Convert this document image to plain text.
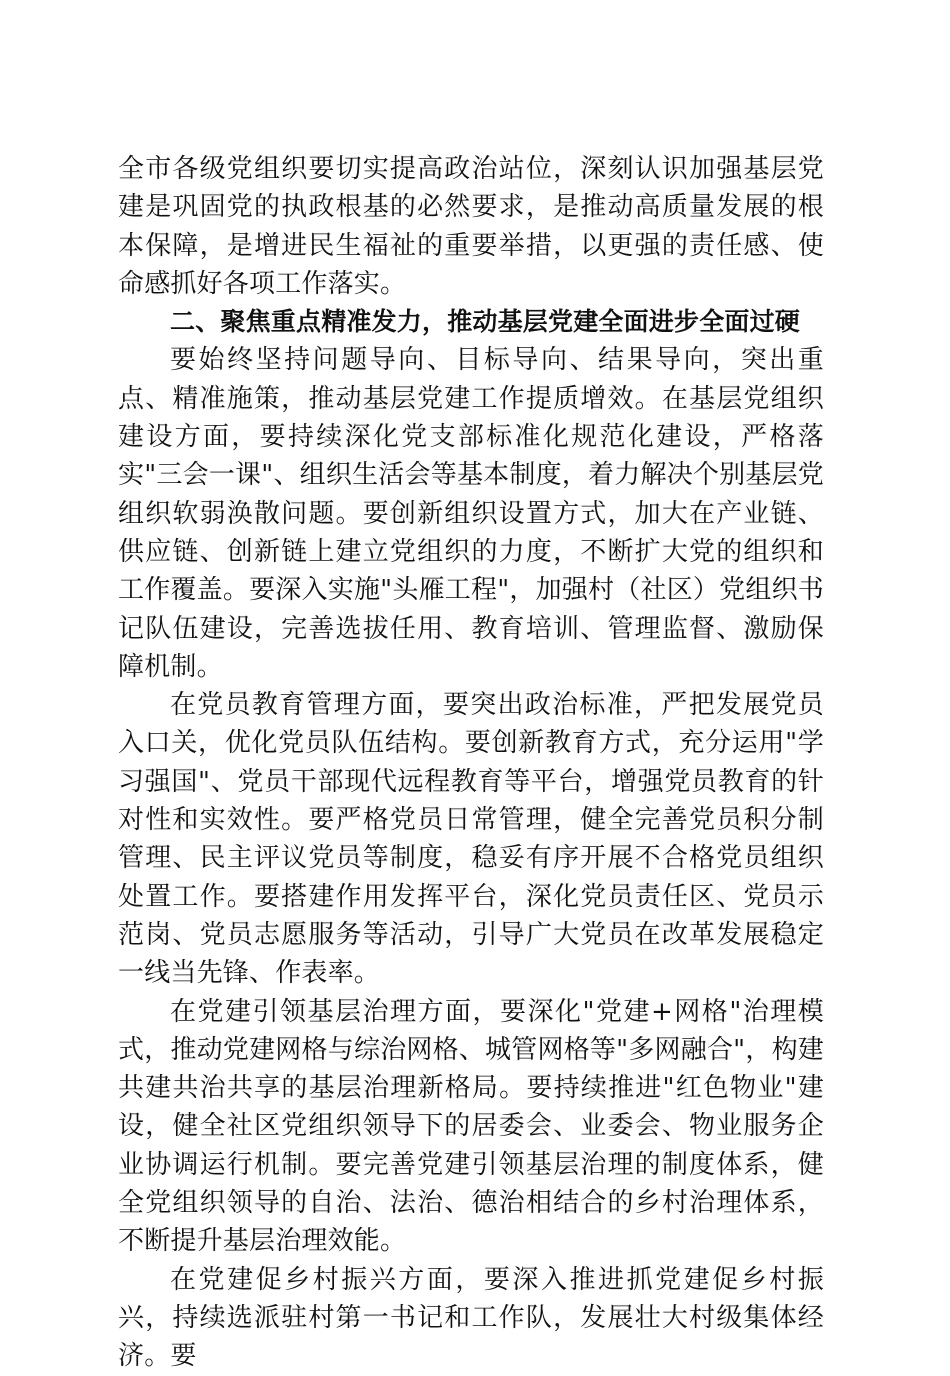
全市各级党组织要切实提高政治站位，深刻认识加强基层党建是巩固党的执政根基的必然要求，是推动高质量发展的根本保障，是增进民生福祉的重要举措，以更强的责任感、使命感抓好各项工作落实。

二、聚焦重点精准发力，推动基层党建全面进步全面过硬

要始终坚持问题导向、目标导向、结果导向，突出重点、精准施策，推动基层党建工作提质增效。在基层党组织建设方面，要持续深化党支部标准化规范化建设，严格落实"三会一课"、组织生活会等基本制度，着力解决个别基层党组织软弱涣散问题。要创新组织设置方式，加大在产业链、供应链、创新链上建立党组织的力度，不断扩大党的组织和工作覆盖。要深入实施"头雁工程"，加强村（社区）党组织书记队伍建设，完善选拔任用、教育培训、管理监督、激励保障机制。

在党员教育管理方面，要突出政治标准，严把发展党员入口关，优化党员队伍结构。要创新教育方式，充分运用"学习强国"、党员干部现代远程教育等平台，增强党员教育的针对性和实效性。要严格党员日常管理，健全完善党员积分制管理、民主评议党员等制度，稳妥有序开展不合格党员组织处置工作。要搭建作用发挥平台，深化党员责任区、党员示范岗、党员志愿服务等活动，引导广大党员在改革发展稳定一线当先锋、作表率。

在党建引领基层治理方面，要深化"党建+网格"治理模式，推动党建网格与综治网格、城管网格等"多网融合"，构建共建共治共享的基层治理新格局。要持续推进"红色物业"建设，健全社区党组织领导下的居委会、业委会、物业服务企业协调运行机制。要完善党建引领基层治理的制度体系，健全党组织领导的自治、法治、德治相结合的乡村治理体系，不断提升基层治理效能。

在党建促乡村振兴方面，要深入推进抓党建促乡村振兴，持续选派驻村第一书记和工作队，发展壮大村级集体经济。要
